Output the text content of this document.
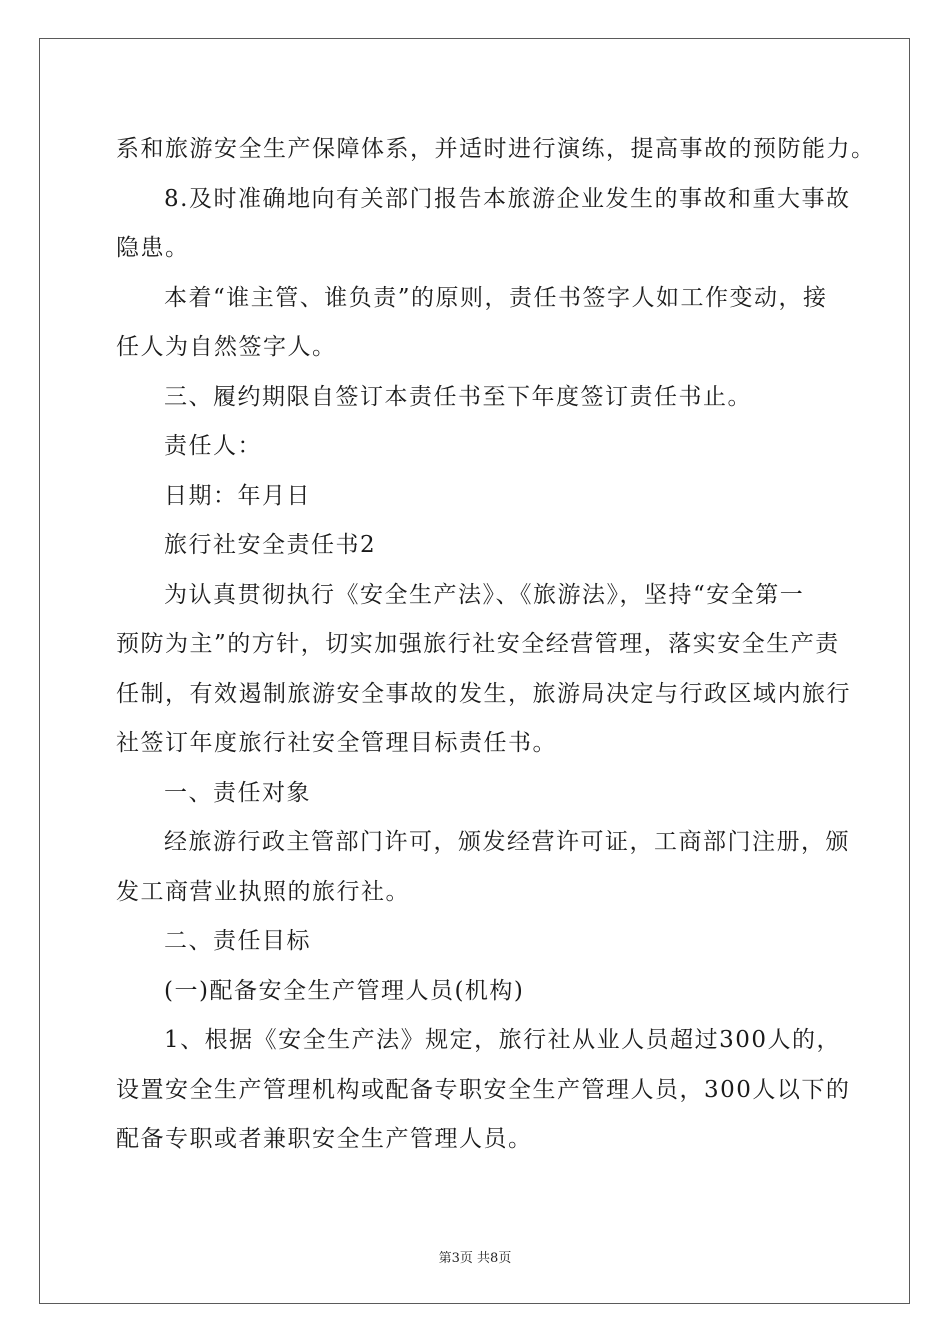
系和旅游安全生产保障体系，并适时进行演练，提高事故的预防能力。
8.及时准确地向有关部门报告本旅游企业发生的事故和重大事故
隐患。
本着“谁主管、谁负责”的原则，责任书签字人如工作变动，接
任人为自然签字人。
三、履约期限自签订本责任书至下年度签订责任书止。
责任人：
日期：年月日
旅行社安全责任书2
为认真贯彻执行《安全生产法》、《旅游法》，坚持“安全第一
预防为主”的方针，切实加强旅行社安全经营管理，落实安全生产责
任制，有效遏制旅游安全事故的发生，旅游局决定与行政区域内旅行
社签订年度旅行社安全管理目标责任书。
一、责任对象
经旅游行政主管部门许可，颁发经营许可证，工商部门注册，颁
发工商营业执照的旅行社。
二、责任目标
(一)配备安全生产管理人员(机构)
1、根据《安全生产法》规定，旅行社从业人员超过300人的，
设置安全生产管理机构或配备专职安全生产管理人员，300人以下的
配备专职或者兼职安全生产管理人员。
第3页 共8页
